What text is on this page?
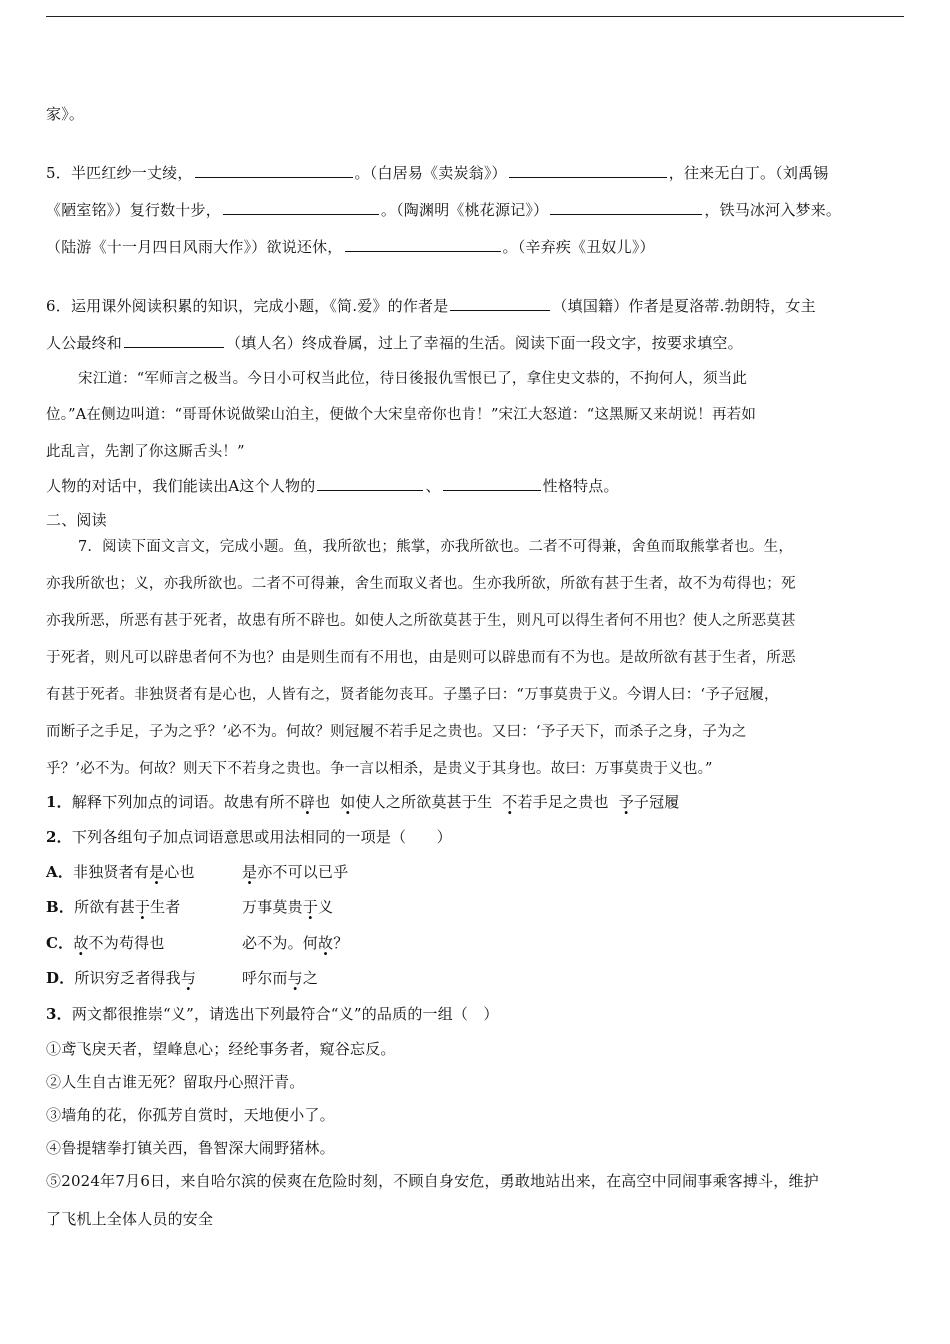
家》。
5．半匹红纱一丈绫，	。（白居易《卖炭翁》）	，往来无白丁。（刘禹锡
《陋室铭》）复行数十步，	。（陶渊明《桃花源记》）	，铁马冰河入梦来。
（陆游《十一月四日风雨大作》）欲说还休，	。（辛弃疾《丑奴儿》）
6．运用课外阅读积累的知识，完成小题，《简.爱》的作者是	（填国籍）作者是夏洛蒂.勃朗特，女主
人公最终和	（填人名）终成眷属，过上了幸福的生活。阅读下面一段文字，按要求填空。
宋江道：“军师言之极当。今日小可权当此位，待日後报仇雪恨已了，拿住史文恭的，不拘何人，须当此
位。”A在侧边叫道：“哥哥休说做梁山泊主，便做个大宋皇帝你也肯！”宋江大怒道：“这黑厮又来胡说！再若如
此乱言，先割了你这厮舌头！”
人物的对话中，我们能读出A这个人物的	、	性格特点。
二、阅读
7．阅读下面文言文，完成小题。鱼，我所欲也；熊掌，亦我所欲也。二者不可得兼，舍鱼而取熊掌者也。生，
亦我所欲也；义，亦我所欲也。二者不可得兼，舍生而取义者也。生亦我所欲，所欲有甚于生者，故不为苟得也；死
亦我所恶，所恶有甚于死者，故患有所不辟也。如使人之所欲莫甚于生，则凡可以得生者何不用也？使人之所恶莫甚
于死者，则凡可以辟患者何不为也？由是则生而有不用也，由是则可以辟患而有不为也。是故所欲有甚于生者，所恶
有甚于死者。非独贤者有是心也，人皆有之，贤者能勿丧耳。子墨子曰：“万事莫贵于义。今谓人曰：‘予子冠履，
而断子之手足，子为之乎？’必不为。何故？则冠履不若手足之贵也。又曰：‘予子天下，而杀子之身，子为之
乎？’必不为。何故？则天下不若身之贵也。争一言以相杀，是贵义于其身也。故曰：万事莫贵于义也。”
1．解释下列加点的词语。故患有所不辟也 如使人之所欲莫甚于生 不若手足之贵也 予子冠履
2．下列各组句子加点词语意思或用法相同的一项是（　　）
A．非独贤者有是心也	是亦不可以已乎
B．所欲有甚于生者	万事莫贵于义
C．故不为苟得也	必不为。何故？
D．所识穷乏者得我与	呼尔而与之
3．两文都很推崇“义”，请选出下列最符合“义”的品质的一组（　）
①鸢飞戾天者，望峰息心；经纶事务者，窥谷忘反。
②人生自古谁无死？留取丹心照汗青。
③墙角的花，你孤芳自赏时，天地便小了。
④鲁提辖拳打镇关西，鲁智深大闹野猪林。
⑤2024年7月6日，来自哈尔滨的侯爽在危险时刻，不顾自身安危，勇敢地站出来，在高空中同闹事乘客搏斗，维护
了飞机上全体人员的安全
